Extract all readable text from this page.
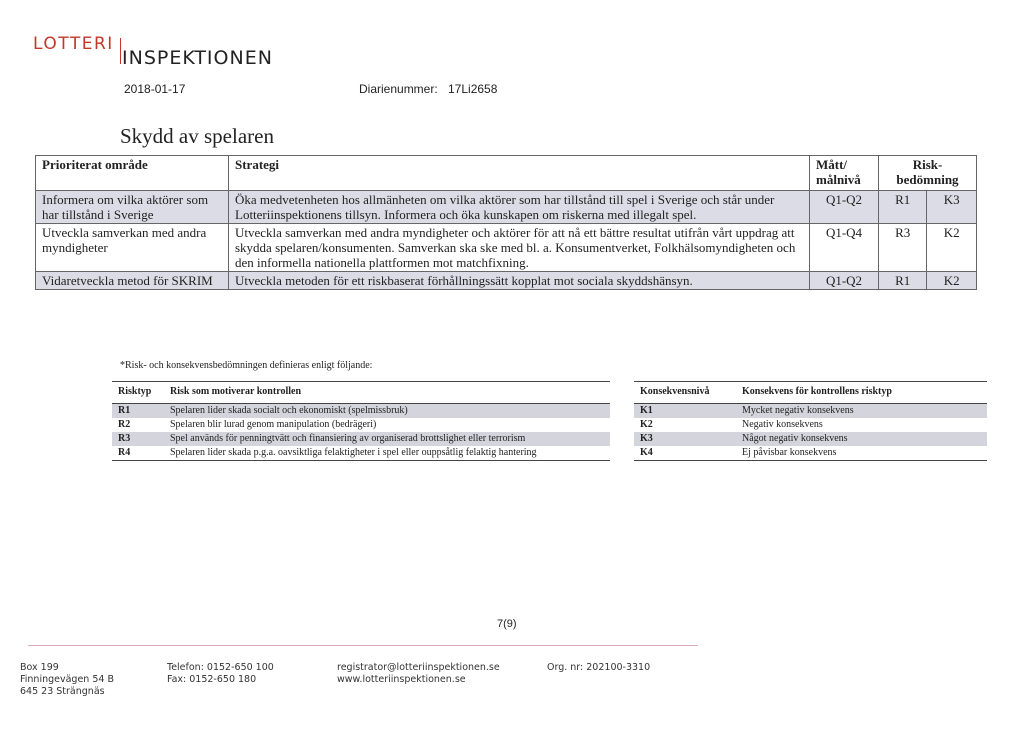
LOTTERI
INSPEKTIONEN
2018-01-17	Diarienummer: 17Li2658
Skydd av spelaren
Prioriterat område	Strategi	Mått/ målnivå	Risk- bedömning	
Informera om vilka aktörer som har tillstånd i Sverige	Öka medvetenheten hos allmänheten om vilka aktörer som har tillstånd till spel i Sverige och står under Lotteriinspektionens tillsyn. Informera och öka kunskapen om riskerna med illegalt spel.	Q1-Q2	R1	K3
Utveckla samverkan med andra myndigheter	Utveckla samverkan med andra myndigheter och aktörer för att nå ett bättre resultat utifrån vårt uppdrag att skydda spelaren/konsumenten. Samverkan ska ske med bl. a. Konsumentverket, Folkhälsomyndigheten och den informella nationella plattformen mot matchfixning.	Q1-Q4	R3	K2
Vidaretveckla metod för SKRIM	Utveckla metoden för ett riskbaserat förhållningssätt kopplat mot sociala skyddshänsyn.	Q1-Q2	R1	K2
*Risk- och konsekvensbedömningen definieras enligt följande:
Risktyp	Risk som motiverar kontrollen
R1	Spelaren lider skada socialt och ekonomiskt (spelmissbruk)
R2	Spelaren blir lurad genom manipulation (bedrägeri)
R3	Spel används för penningtvätt och finansiering av organiserad brottslighet eller terrorism
R4	Spelaren lider skada p.g.a. oavsiktliga felaktigheter i spel eller ouppsåtlig felaktig hantering
Konsekvensnivå	Konsekvens för kontrollens risktyp
K1	Mycket negativ konsekvens
K2	Negativ konsekvens
K3	Något negativ konsekvens
K4	Ej påvisbar konsekvens
7(9)
Box 199
Finningevägen 54 B
645 23 Strängnäs
Telefon: 0152-650 100
Fax: 0152-650 180
registrator@lotteriinspektionen.se
www.lotteriinspektionen.se
Org. nr: 202100-3310
